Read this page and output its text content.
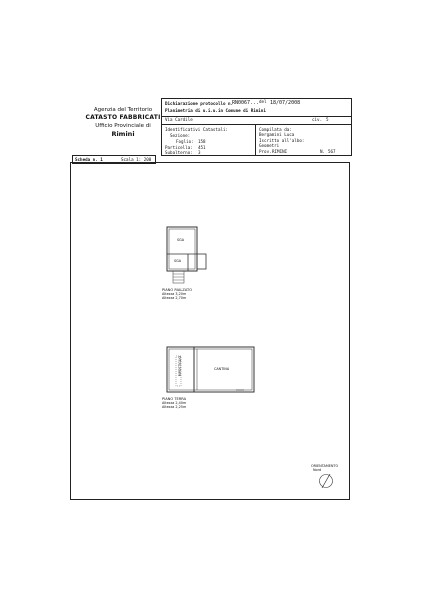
Agenzia del Territorio
CATASTO FABBRICATI
Ufficio Provinciale di
Rimini
Dichiarazione protocollo n.
RN0067... del 18/07/2008
Planimetria di u.i.u.in Comune di Rimini
Via Cardile	civ. 5
Identificativi Catastali:
Sezione:
Foglio: 158
Particella: 451
Subalterno: 3
Compilata da:
Bergamini Luca
Iscritto all'albo:
Geometri
Prov. RIMINI	N. 567
Scheda n. 1	Scala 1: 200
SGA
SGA
PIANO RIALZATO
Altezza 3,20m
Altezza 2,70m
RIPOSTIGLIO	CANTINA
PIANO TERRA
Altezza 2,40m
Altezza 2,25m
ORIENTAMENTO
Nord
